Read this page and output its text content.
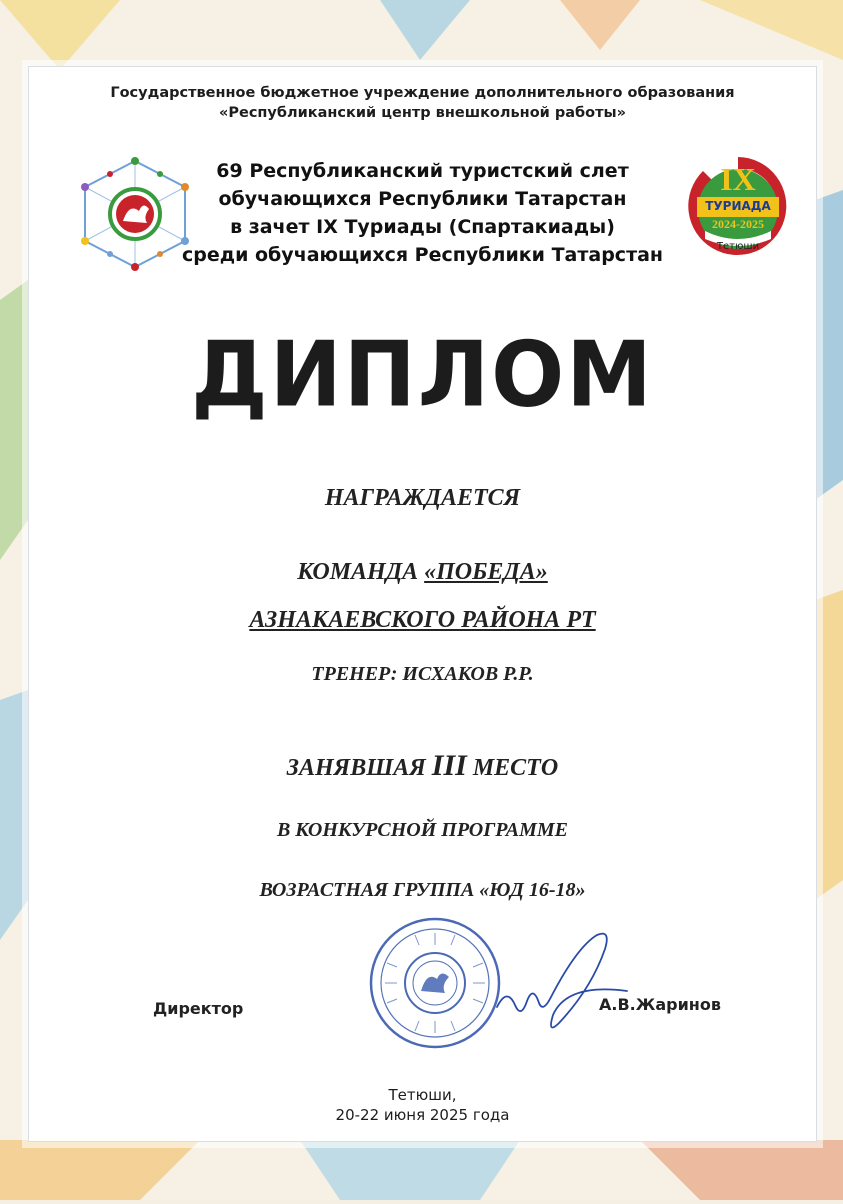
Государственное бюджетное учреждение дополнительного образования
«Республиканский центр внешкольной работы»
69 Республиканский туристский слет
обучающихся Республики Татарстан
в зачет IX Туриады (Спартакиады)
среди обучающихся Республики Татарстан
IX
ТУРИАДА
2024-2025
Тетюши
ДИПЛОМ
НАГРАЖДАЕТСЯ
КОМАНДА «ПОБЕДА»
АЗНАКАЕВСКОГО РАЙОНА РТ
ТРЕНЕР: ИСХАКОВ Р.Р.
ЗАНЯВШАЯ III МЕСТО
В КОНКУРСНОЙ ПРОГРАММЕ
ВОЗРАСТНАЯ ГРУППА «ЮД 16-18»
Директор	А.В.Жаринов
Тетюши,
20-22 июня 2025 года
